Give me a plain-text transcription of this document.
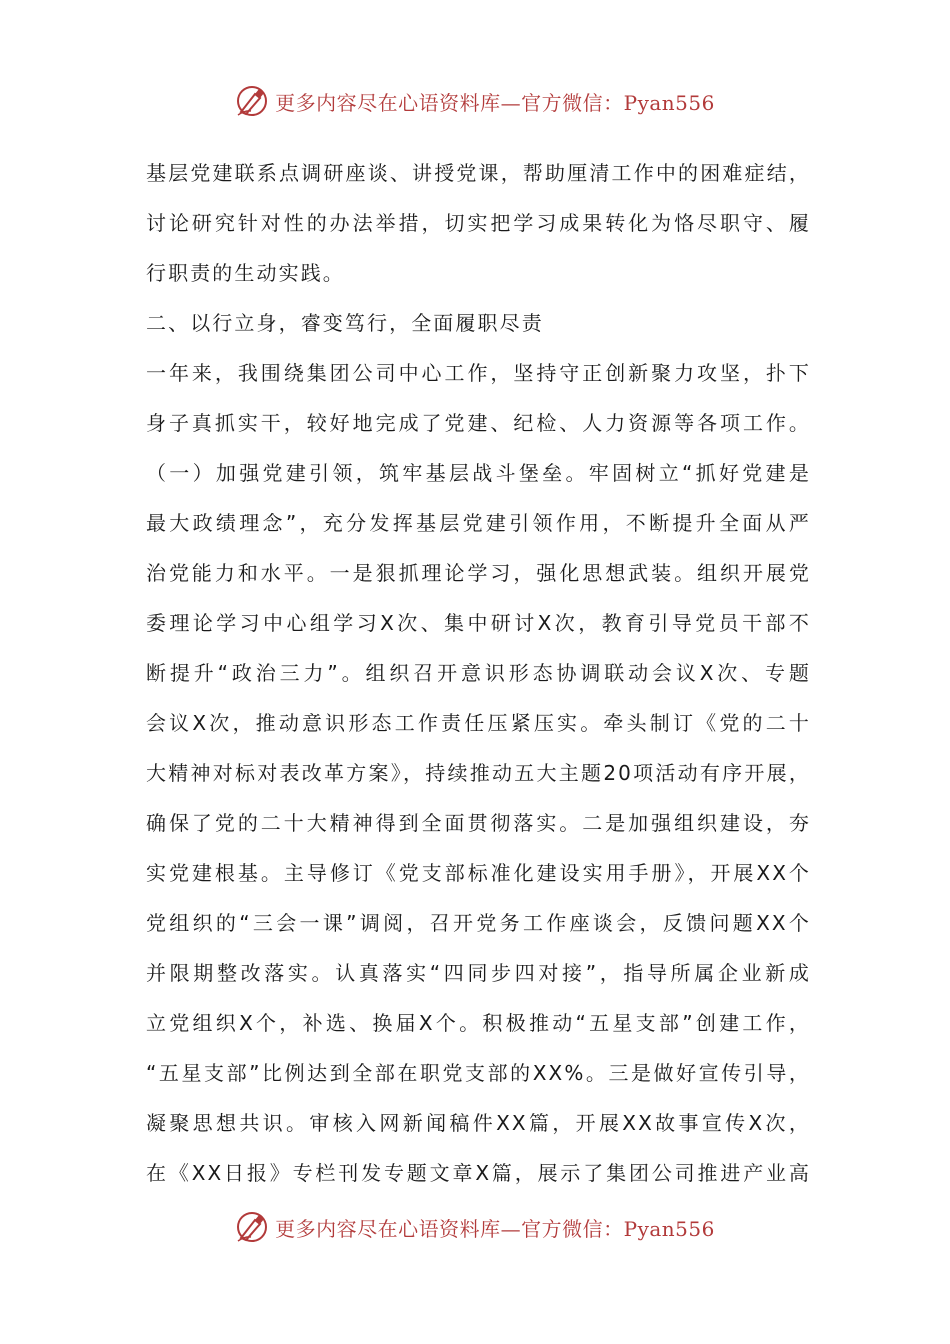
更多内容尽在心语资料库—官方微信：Pyan556
基层党建联系点调研座谈、讲授党课，帮助厘清工作中的困难症结，
讨论研究针对性的办法举措，切实把学习成果转化为恪尽职守、履
行职责的生动实践。
二、以行立身，睿变笃行，全面履职尽责
一年来，我围绕集团公司中心工作，坚持守正创新聚力攻坚，扑下
身子真抓实干，较好地完成了党建、纪检、人力资源等各项工作。
（一）加强党建引领，筑牢基层战斗堡垒。牢固树立“抓好党建是
最大政绩理念”，充分发挥基层党建引领作用，不断提升全面从严
治党能力和水平。一是狠抓理论学习，强化思想武装。组织开展党
委理论学习中心组学习X次、集中研讨X次，教育引导党员干部不
断提升“政治三力”。组织召开意识形态协调联动会议X次、专题
会议X次，推动意识形态工作责任压紧压实。牵头制订《党的二十
大精神对标对表改革方案》，持续推动五大主题20项活动有序开展，
确保了党的二十大精神得到全面贯彻落实。二是加强组织建设，夯
实党建根基。主导修订《党支部标准化建设实用手册》，开展XX个
党组织的“三会一课”调阅，召开党务工作座谈会，反馈问题XX个
并限期整改落实。认真落实“四同步四对接”，指导所属企业新成
立党组织X个，补选、换届X个。积极推动“五星支部”创建工作，
“五星支部”比例达到全部在职党支部的XX%。三是做好宣传引导，
凝聚思想共识。审核入网新闻稿件XX篇，开展XX故事宣传X次，
在《XX日报》专栏刊发专题文章X篇，展示了集团公司推进产业高
更多内容尽在心语资料库—官方微信：Pyan556
